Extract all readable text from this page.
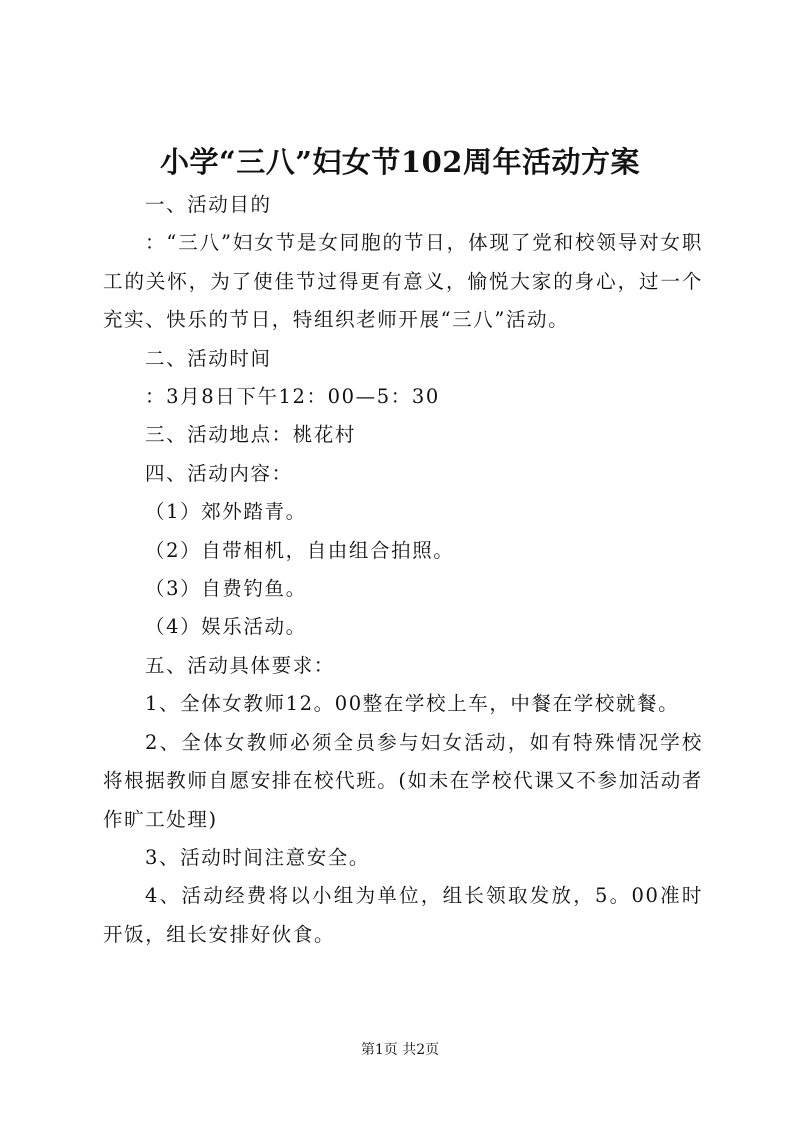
小学“三八”妇女节102周年活动方案

一、活动目的

：“三八”妇女节是女同胞的节日，体现了党和校领导对女职工的关怀，为了使佳节过得更有意义，愉悦大家的身心，过一个充实、快乐的节日，特组织老师开展“三八”活动。

二、活动时间

：3月8日下午12：00—5：30

三、活动地点：桃花村

四、活动内容：

（1）郊外踏青。

（2）自带相机，自由组合拍照。

（3）自费钓鱼。

（4）娱乐活动。

五、活动具体要求：

1、全体女教师12。00整在学校上车，中餐在学校就餐。

2、全体女教师必须全员参与妇女活动，如有特殊情况学校将根据教师自愿安排在校代班。(如未在学校代课又不参加活动者作旷工处理)

3、活动时间注意安全。

4、活动经费将以小组为单位，组长领取发放，5。00准时开饭，组长安排好伙食。

第1页 共2页
